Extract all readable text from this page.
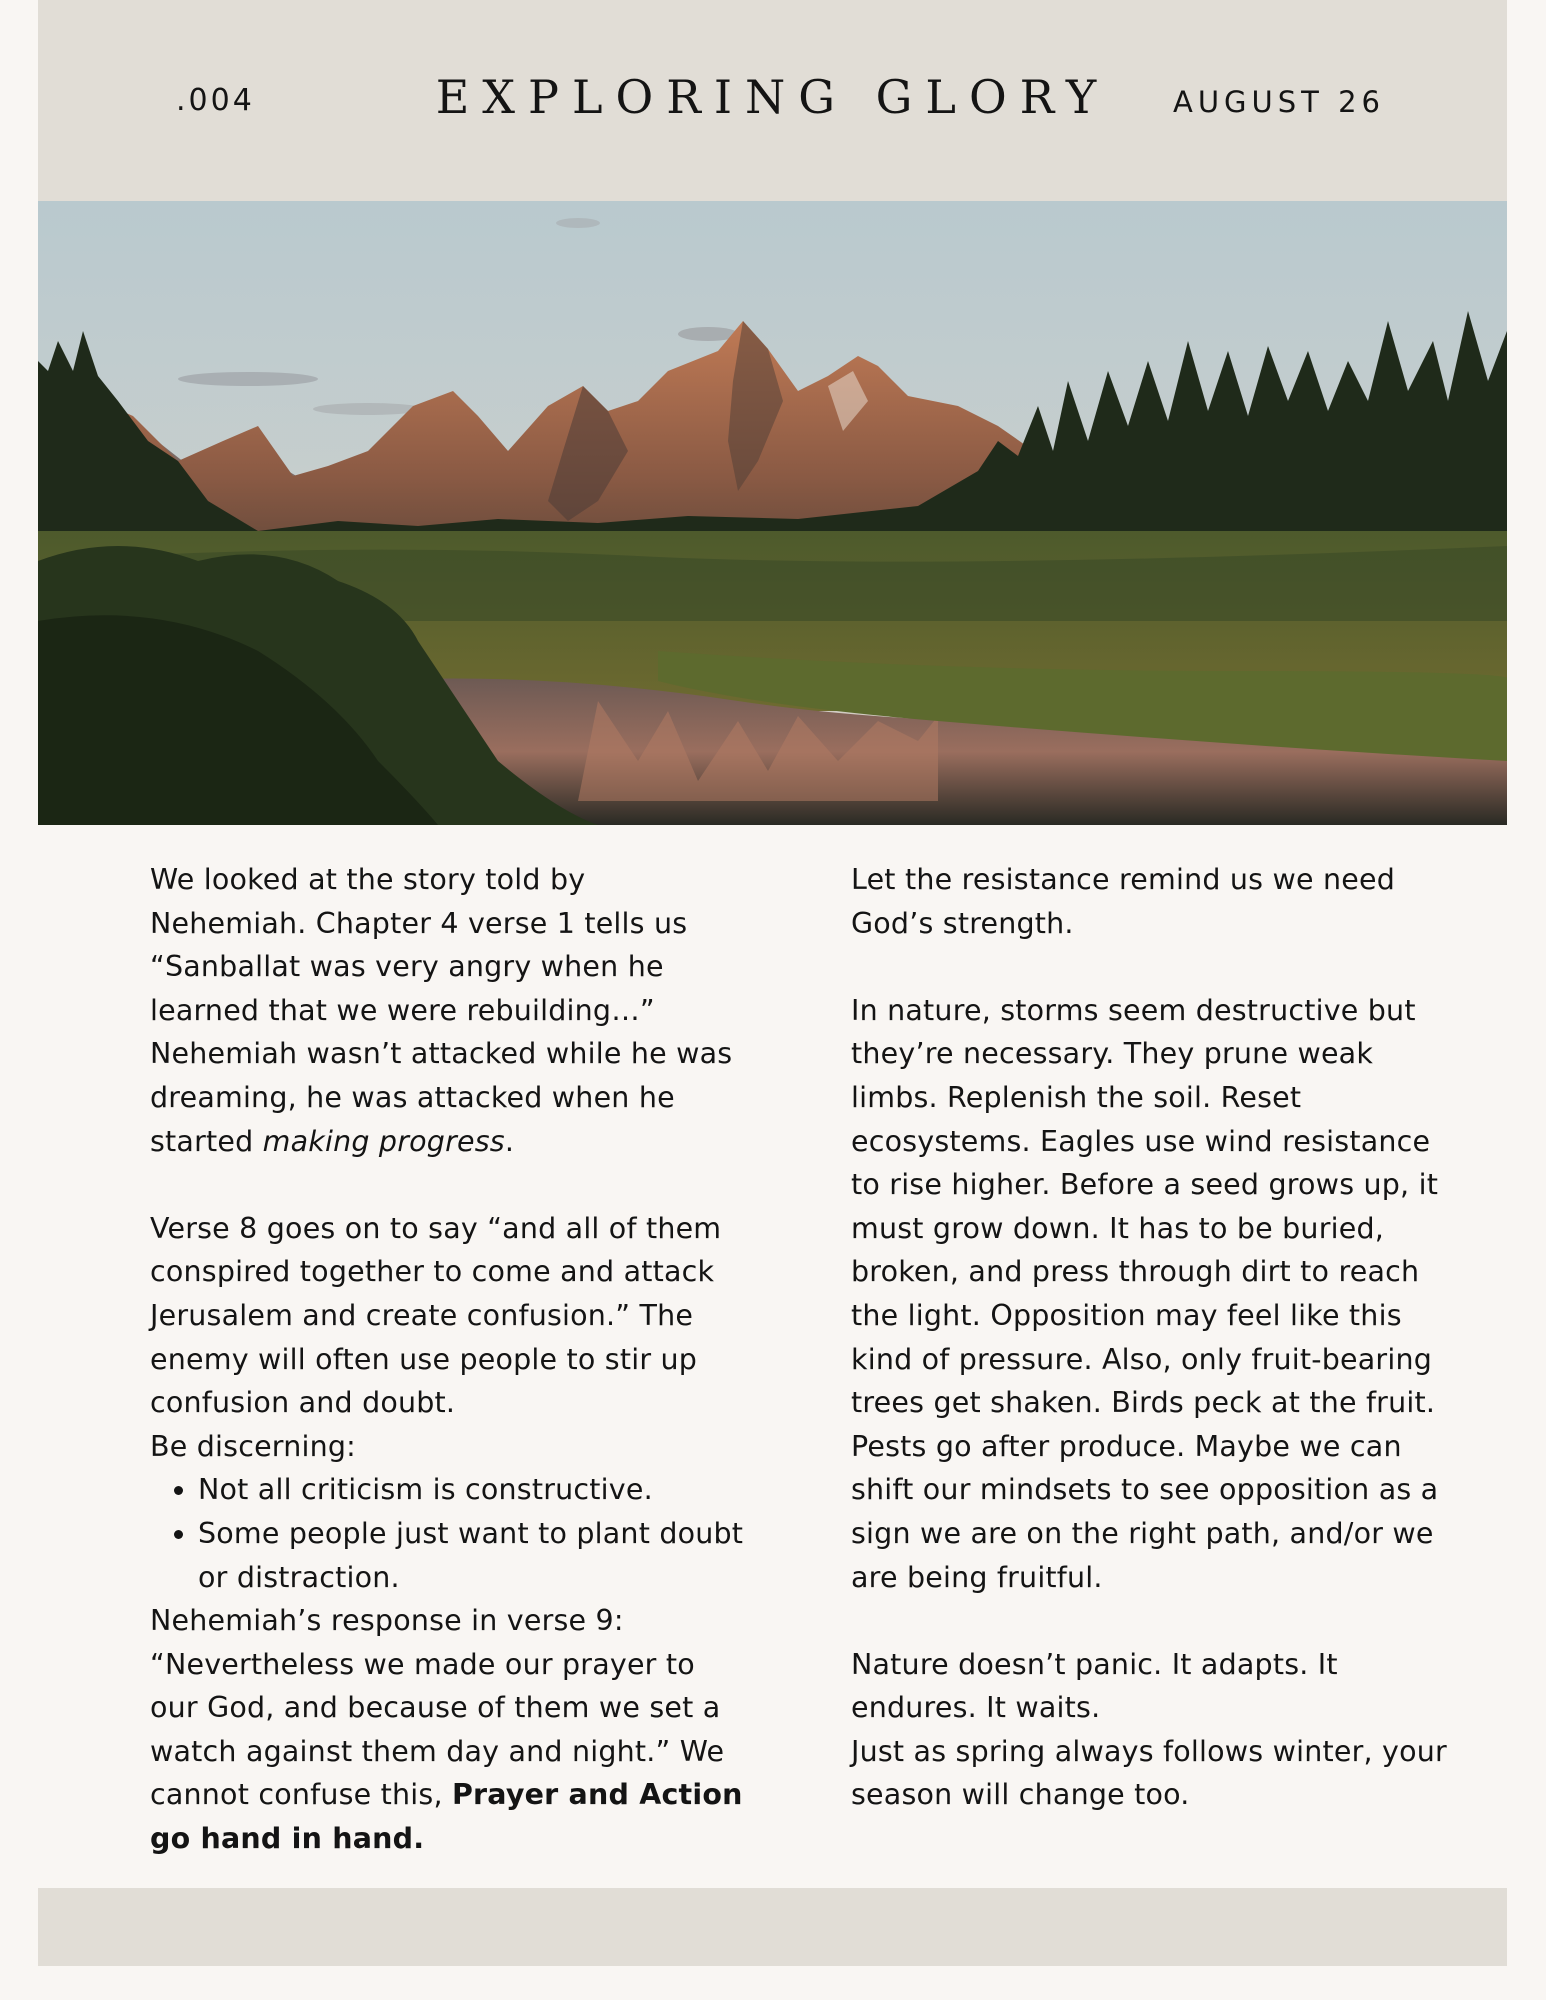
.004	EXPLORING GLORY	AUGUST 26

We looked at the story told by Nehemiah. Chapter 4 verse 1 tells us “Sanballat was very angry when he learned that we were rebuilding…” Nehemiah wasn’t attacked while he was dreaming, he was attacked when he started making progress.

Verse 8 goes on to say “and all of them conspired together to come and attack Jerusalem and create confusion.” The enemy will often use people to stir up confusion and doubt.

Be discerning:

• Not all criticism is constructive.
• Some people just want to plant doubt or distraction.

Nehemiah’s response in verse 9: “Nevertheless we made our prayer to our God, and because of them we set a watch against them day and night.” We cannot confuse this, Prayer and Action go hand in hand.

Let the resistance remind us we need God’s strength.

In nature, storms seem destructive but they’re necessary. They prune weak limbs. Replenish the soil. Reset ecosystems. Eagles use wind resistance to rise higher. Before a seed grows up, it must grow down. It has to be buried, broken, and press through dirt to reach the light. Opposition may feel like this kind of pressure. Also, only fruit-bearing trees get shaken. Birds peck at the fruit. Pests go after produce. Maybe we can shift our mindsets to see opposition as a sign we are on the right path, and/or we are being fruitful.

Nature doesn’t panic. It adapts. It endures. It waits.

Just as spring always follows winter, your season will change too.
